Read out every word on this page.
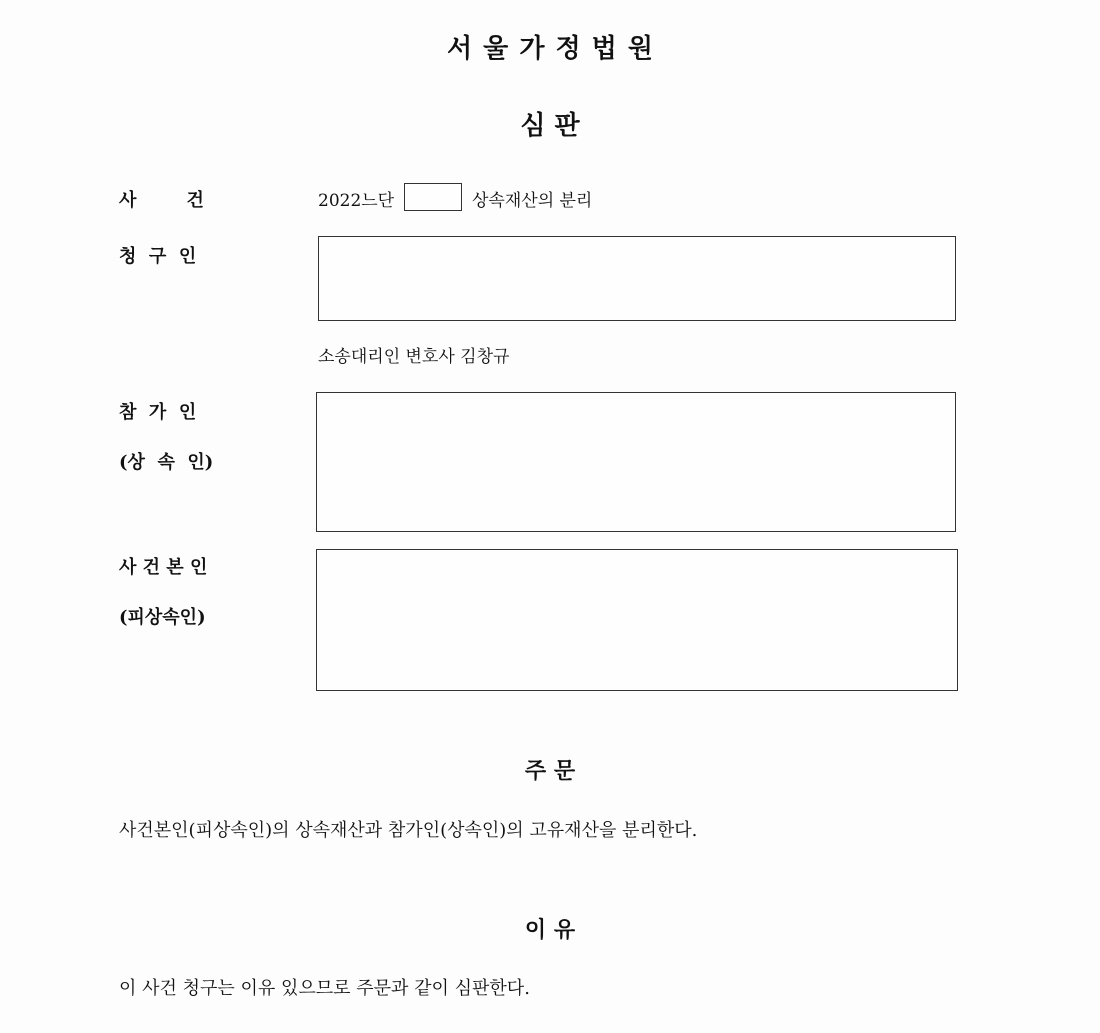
서 울 가 정 법 원
심 판
사        건	2022느단	상속재산의 분리
청  구  인
소송대리인 변호사 김창규
참  가  인
(상  속  인)
사 건 본 인
(피상속인)
주 문
사건본인(피상속인)의 상속재산과 참가인(상속인)의 고유재산을 분리한다.
이 유
이 사건 청구는 이유 있으므로 주문과 같이 심판한다.
